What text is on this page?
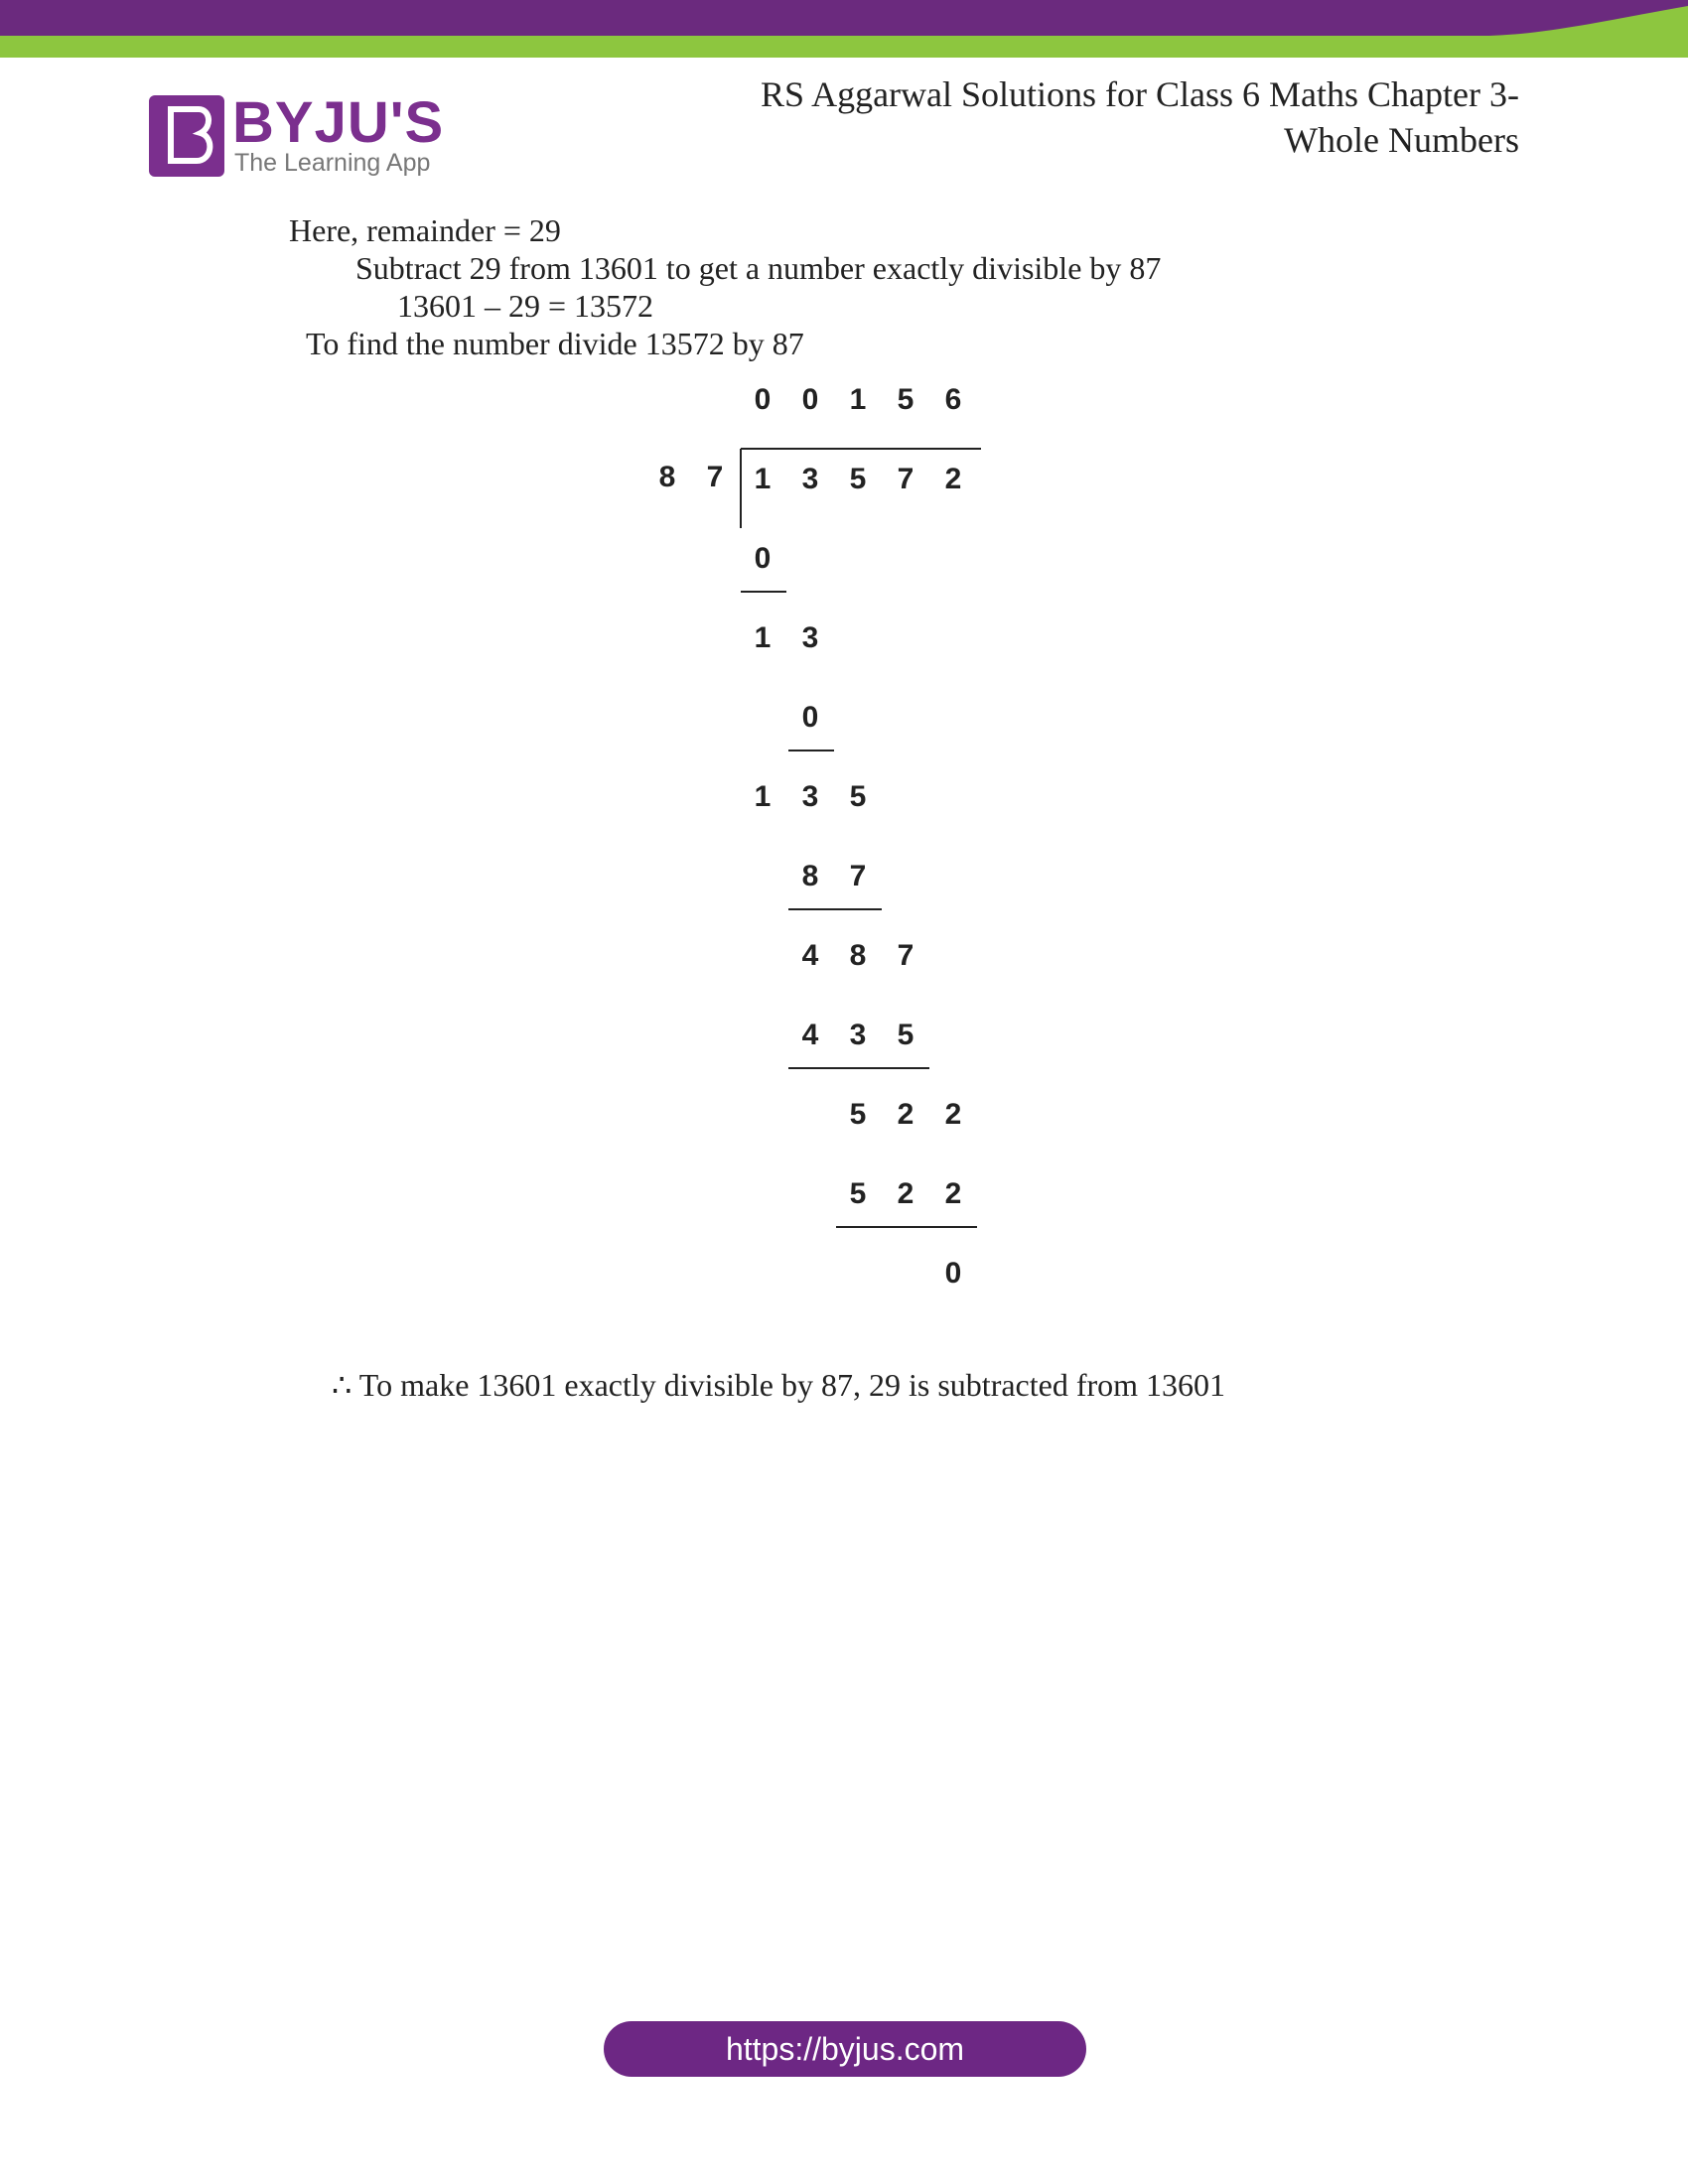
BYJU'S
The Learning App
RS Aggarwal Solutions for Class 6 Maths Chapter 3-
Whole Numbers
Here, remainder = 29
Subtract 29 from 13601 to get a number exactly divisible by 87
13601 – 29 = 13572
To find the number divide 13572 by 87
0 0 1 5 6
8 7 1 3 5 7 2
0
1 3
0
1 3 5
8 7
4 8 7
4 3 5
5 2 2
5 2 2
0
∴ To make 13601 exactly divisible by 87, 29 is subtracted from 13601
https://byjus.com
